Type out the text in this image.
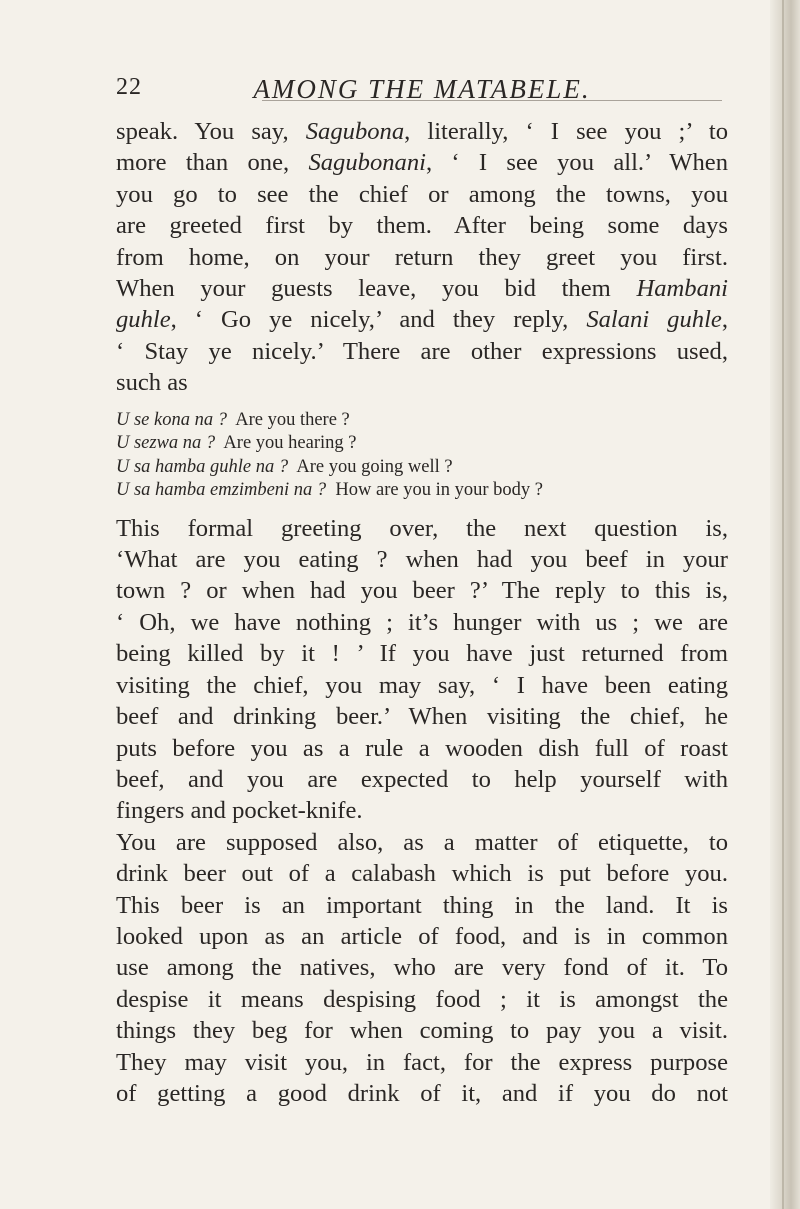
22	AMONG THE MATABELE.
speak. You say, Sagubona, literally, ‘ I see you ;’ to
more than one, Sagubonani, ‘ I see you all.’ When
you go to see the chief or among the towns, you
are greeted first by them. After being some days
from home, on your return they greet you first.
When your guests leave, you bid them Hambani
guhle, ‘ Go ye nicely,’ and they reply, Salani guhle,
‘ Stay ye nicely.’ There are other expressions used,
such as
U se kona na ? Are you there ?
U sezwa na ? Are you hearing ?
U sa hamba guhle na ? Are you going well ?
U sa hamba emzimbeni na ? How are you in your body ?
This formal greeting over, the next question is,
‘What are you eating ? when had you beef in your
town ? or when had you beer ?’ The reply to this is,
‘ Oh, we have nothing ; it’s hunger with us ; we are
being killed by it ! ’ If you have just returned from
visiting the chief, you may say, ‘ I have been eating
beef and drinking beer.’ When visiting the chief, he
puts before you as a rule a wooden dish full of roast
beef, and you are expected to help yourself with
fingers and pocket-knife.
You are supposed also, as a matter of etiquette, to
drink beer out of a calabash which is put before you.
This beer is an important thing in the land. It is
looked upon as an article of food, and is in common
use among the natives, who are very fond of it. To
despise it means despising food ; it is amongst the
things they beg for when coming to pay you a visit.
They may visit you, in fact, for the express purpose
of getting a good drink of it, and if you do not
